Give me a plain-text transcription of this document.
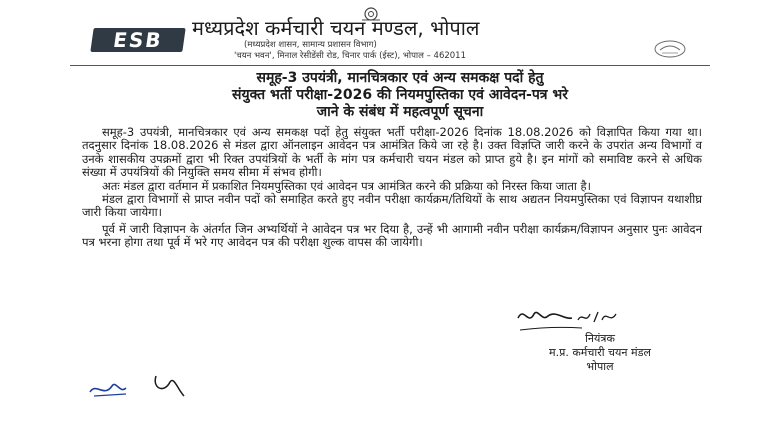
ESB	मध्यप्रदेश कर्मचारी चयन मण्डल, भोपाल
(मध्यप्रदेश शासन, सामान्य प्रशासन विभाग)
'चयन भवन', मिनाल रेसीडेंसी रोड, चिनार पार्क (ईस्ट), भोपाल – 462011
समूह-3 उपयंत्री, मानचित्रकार एवं अन्य समकक्ष पदों हेतु
संयुक्त भर्ती परीक्षा-2026 की नियमपुस्तिका एवं आवेदन-पत्र भरे
जाने के संबंध में महत्वपूर्ण सूचना

समूह-3 उपयंत्री, मानचित्रकार एवं अन्य समकक्ष पदों हेतु संयुक्त भर्ती परीक्षा-2026 दिनांक 18.08.2026 को विज्ञापित किया गया था। तदनुसार दिनांक 18.08.2026 से मंडल द्वारा ऑनलाइन आवेदन पत्र आमंत्रित किये जा रहे है। उक्त विज्ञप्ति जारी करने के उपरांत अन्य विभागों व उनके शासकीय उपक्रमों द्वारा भी रिक्त उपयंत्रियों के भर्ती के मांग पत्र कर्मचारी चयन मंडल को प्राप्त हुये है। इन मांगों को समाविष्ट करने से अधिक संख्या में उपयंत्रियों की नियुक्ति समय सीमा में संभव होगी।

अतः मंडल द्वारा वर्तमान में प्रकाशित नियमपुस्तिका एवं आवेदन पत्र आमंत्रित करने की प्रक्रिया को निरस्त किया जाता है।

मंडल द्वारा विभागों से प्राप्त नवीन पदों को समाहित करते हुए नवीन परीक्षा कार्यक्रम/तिथियों के साथ अद्यतन नियमपुस्तिका एवं विज्ञापन यथाशीघ्र जारी किया जायेगा।

पूर्व में जारी विज्ञापन के अंतर्गत जिन अभ्यर्थियों ने आवेदन पत्र भर दिया है, उन्हें भी आगामी नवीन परीक्षा कार्यक्रम/विज्ञापन अनुसार पुनः आवेदन पत्र भरना होगा तथा पूर्व में भरे गए आवेदन पत्र की परीक्षा शुल्क वापस की जायेगी।

नियंत्रक
म.प्र. कर्मचारी चयन मंडल
भोपाल
